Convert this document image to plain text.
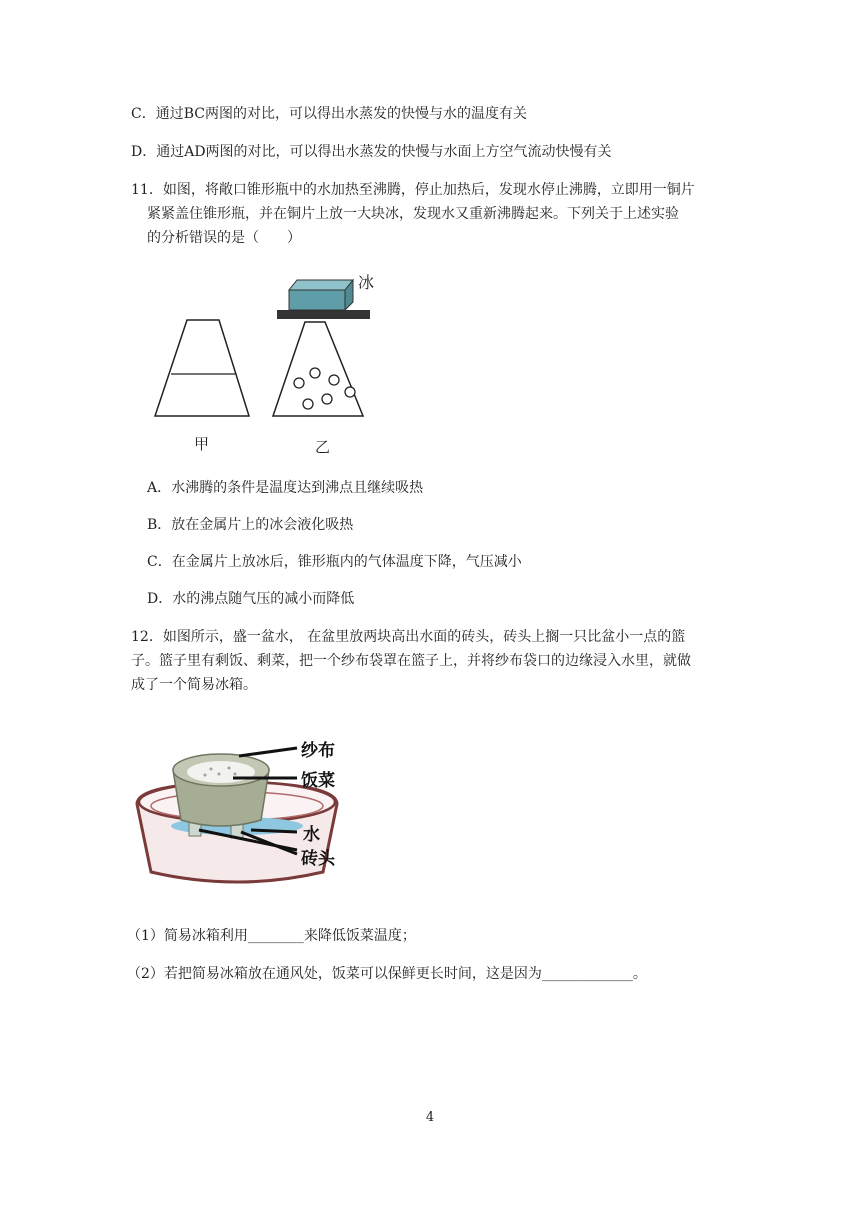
C．通过BC两图的对比，可以得出水蒸发的快慢与水的温度有关
D．通过AD两图的对比，可以得出水蒸发的快慢与水面上方空气流动快慢有关
11．如图，将敞口锥形瓶中的水加热至沸腾，停止加热后，发现水停止沸腾，立即用一铜片
紧紧盖住锥形瓶，并在铜片上放一大块冰，发现水又重新沸腾起来。下列关于上述实验
的分析错误的是（　　）
冰
甲	乙
A．水沸腾的条件是温度达到沸点且继续吸热
B．放在金属片上的冰会液化吸热
C．在金属片上放冰后，锥形瓶内的气体温度下降，气压减小
D．水的沸点随气压的减小而降低
12．如图所示，盛一盆水， 在盆里放两块高出水面的砖头，砖头上搁一只比盆小一点的篮
子。篮子里有剩饭、剩菜，把一个纱布袋罩在篮子上，并将纱布袋口的边缘浸入水里，就做
成了一个简易冰箱。
纱布
饭菜
水
砖头
（1）简易冰箱利用________来降低饭菜温度；
（2）若把简易冰箱放在通风处，饭菜可以保鲜更长时间，这是因为_____________。
4
